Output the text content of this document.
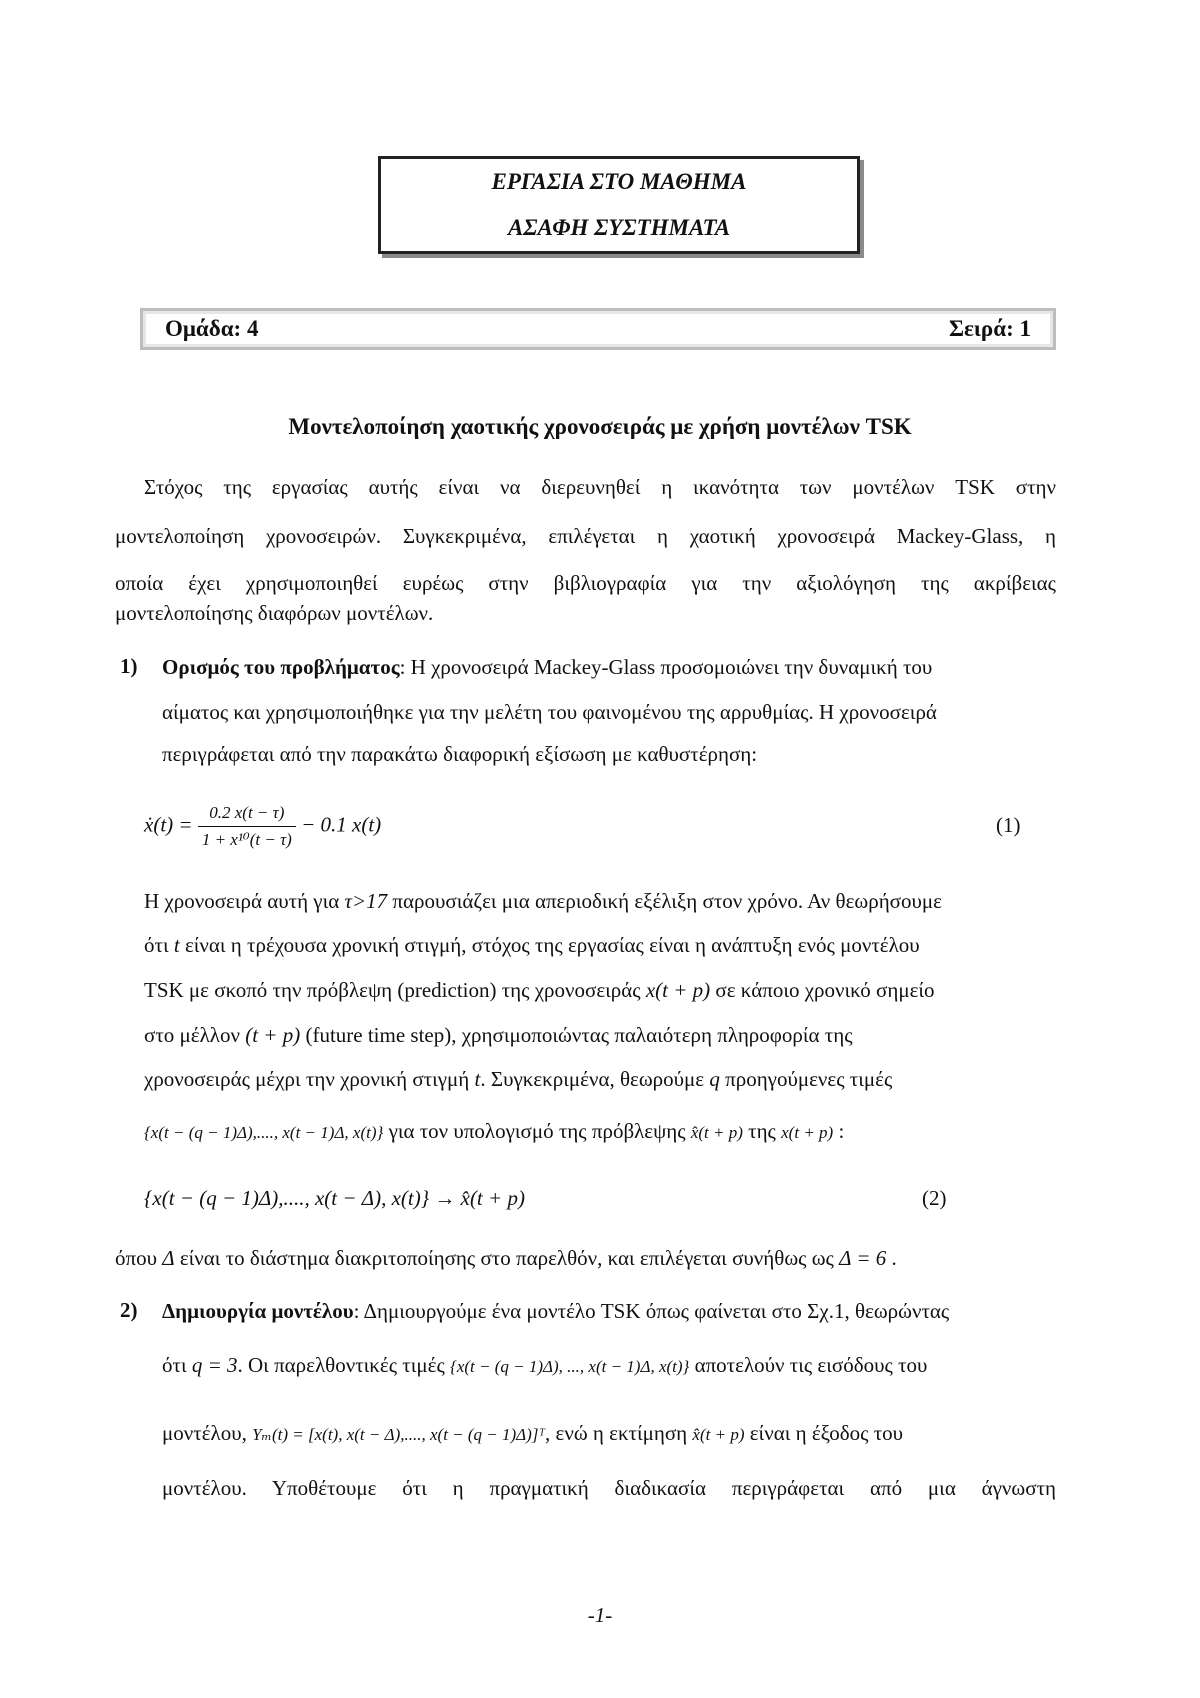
ΕΡΓΑΣΙΑ ΣΤΟ ΜΑΘΗΜΑ
ΑΣΑΦΗ ΣΥΣΤΗΜΑΤΑ
Ομάδα: 4	Σειρά: 1
Μοντελοποίηση χαοτικής χρονοσειράς με χρήση μοντέλων TSK
Στόχος της εργασίας αυτής είναι να διερευνηθεί η ικανότητα των μοντέλων TSK στην
μοντελοποίηση χρονοσειρών. Συγκεκριμένα, επιλέγεται η χαοτική χρονοσειρά Mackey-Glass, η
οποία έχει χρησιμοποιηθεί ευρέως στην βιβλιογραφία για την αξιολόγηση της ακρίβειας
μοντελοποίησης διαφόρων μοντέλων.
1) Ορισμός του προβλήματος: Η χρονοσειρά Mackey-Glass προσομοιώνει την δυναμική του
αίματος και χρησιμοποιήθηκε για την μελέτη του φαινομένου της αρρυθμίας. Η χρονοσειρά
περιγράφεται από την παρακάτω διαφορική εξίσωση με καθυστέρηση:
ẋ(t) = $\frac{0.2 x(t - \tau)}{\text{1 + x¹⁰(t − τ)}} - 0.1$ x(t)	(1)
Η χρονοσειρά αυτή για τ>17 παρουσιάζει μια απεριοδική εξέλιξη στον χρόνο. Αν θεωρήσουμε
ότι t είναι η τρέχουσα χρονική στιγμή, στόχος της εργασίας είναι η ανάπτυξη ενός μοντέλου
TSK με σκοπό την πρόβλεψη (prediction) της χρονοσειράς x(t + p) σε κάποιο χρονικό σημείο
στο μέλλον (t + p) (future time step), χρησιμοποιώντας παλαιότερη πληροφορία της
χρονοσειράς μέχρι την χρονική στιγμή t. Συγκεκριμένα, θεωρούμε q προηγούμενες τιμές
{x(t − (q − 1)Δ),...., x(t − 1)Δ, x(t)} για τον υπολογισμό της πρόβλεψης x̂(t + p) της x(t + p) :
{x(t − (q − 1)Δ),...., x(t − Δ), x(t)} → x̂(t + p)	(2)
όπου Δ είναι το διάστημα διακριτοποίησης στο παρελθόν, και επιλέγεται συνήθως ως Δ = 6 .
2) Δημιουργία μοντέλου: Δημιουργούμε ένα μοντέλο TSK όπως φαίνεται στο Σχ.1, θεωρώντας
ότι q = 3. Οι παρελθοντικές τιμές {x(t − (q − 1)Δ), ..., x(t − 1)Δ, x(t)} αποτελούν τις εισόδους του
μοντέλου, Yₘ(t) = [x(t), x(t − Δ),...., x(t − (q − 1)Δ)]ᵀ, ενώ η εκτίμηση x̂(t + p) είναι η έξοδος του
μοντέλου. Υποθέτουμε ότι η πραγματική διαδικασία περιγράφεται από μια άγνωστη
-1-
